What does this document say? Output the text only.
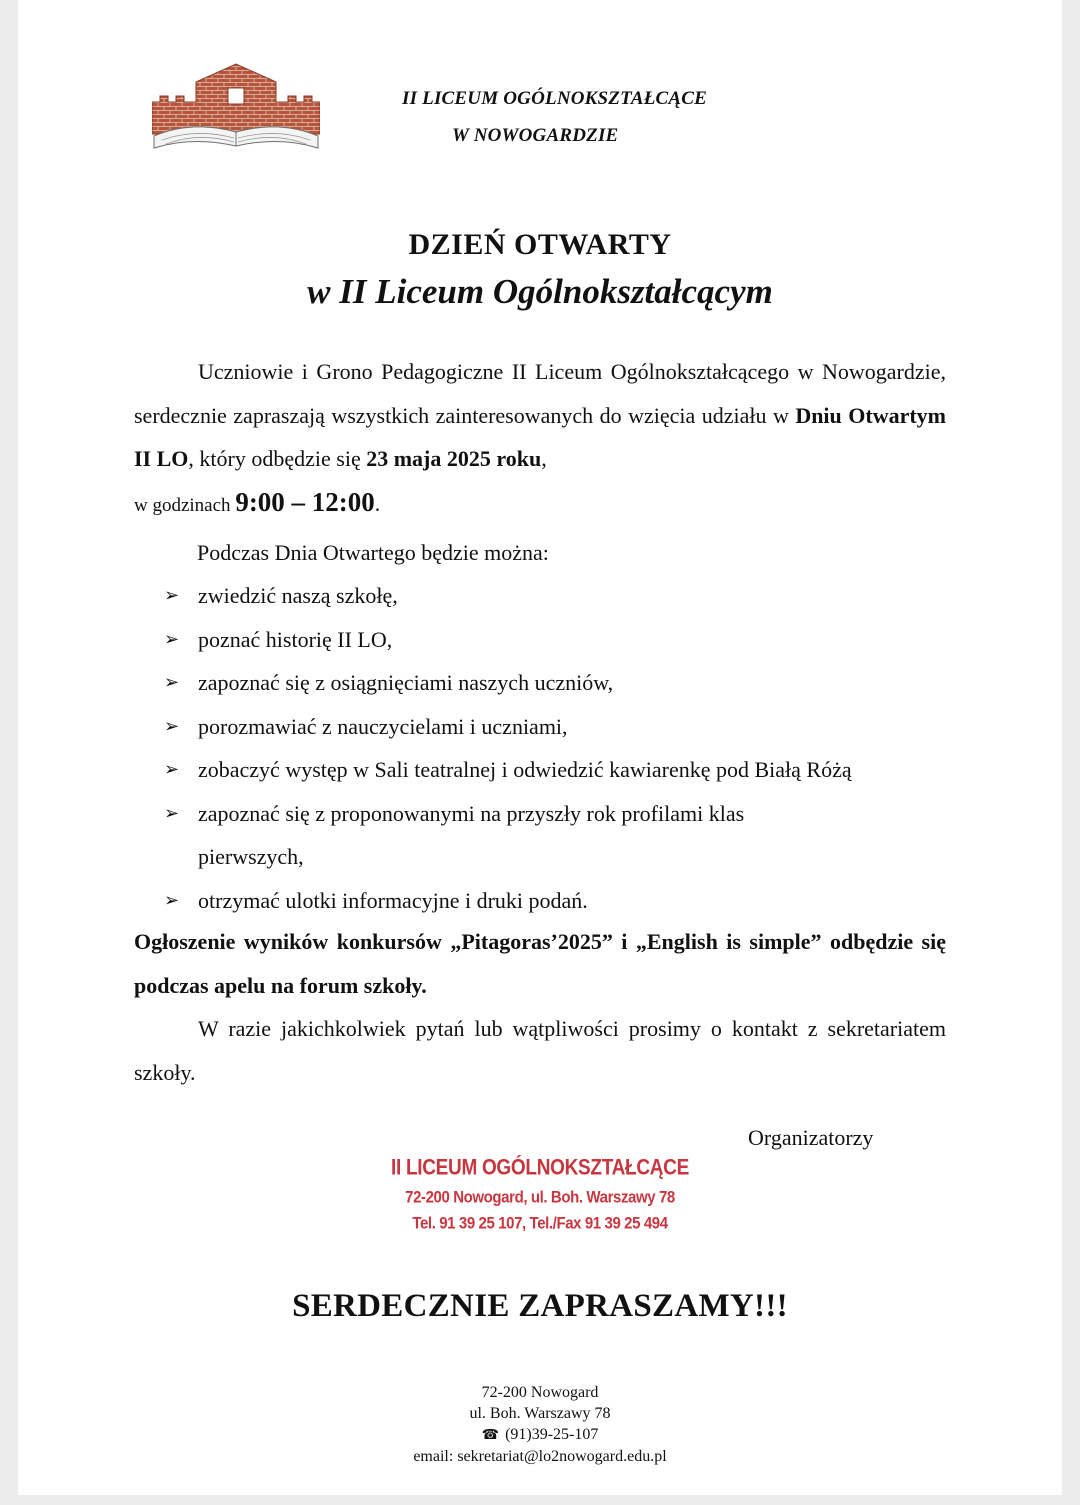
II LICEUM OGÓLNOKSZTAŁCĄCE
W NOWOGARDZIE
DZIEŃ OTWARTY
w II Liceum Ogólnokształcącym
Uczniowie i Grono Pedagogiczne II Liceum Ogólnokształcącego w Nowogardzie, serdecznie zapraszają wszystkich zainteresowanych do wzięcia udziału w Dniu Otwartym II LO, który odbędzie się 23 maja 2025 roku,
w godzinach 9:00 – 12:00.
Podczas Dnia Otwartego będzie można:
➢ zwiedzić naszą szkołę,
➢ poznać historię II LO,
➢ zapoznać się z osiągnięciami naszych uczniów,
➢ porozmawiać z nauczycielami i uczniami,
➢ zobaczyć występ w Sali teatralnej i odwiedzić kawiarenkę pod Białą Różą
➢ zapoznać się z proponowanymi na przyszły rok profilami klas pierwszych,
➢ otrzymać ulotki informacyjne i druki podań.
Ogłoszenie wyników konkursów „Pitagoras’2025” i „English is simple” odbędzie się podczas apelu na forum szkoły.
W razie jakichkolwiek pytań lub wątpliwości prosimy o kontakt z sekretariatem szkoły.
Organizatorzy
II LICEUM OGÓLNOKSZTAŁCĄCE
72-200 Nowogard, ul. Boh. Warszawy 78
Tel. 91 39 25 107, Tel./Fax 91 39 25 494
SERDECZNIE ZAPRASZAMY!!!
72-200 Nowogard
ul. Boh. Warszawy 78
☎ (91)39-25-107
email: sekretariat@lo2nowogard.edu.pl
